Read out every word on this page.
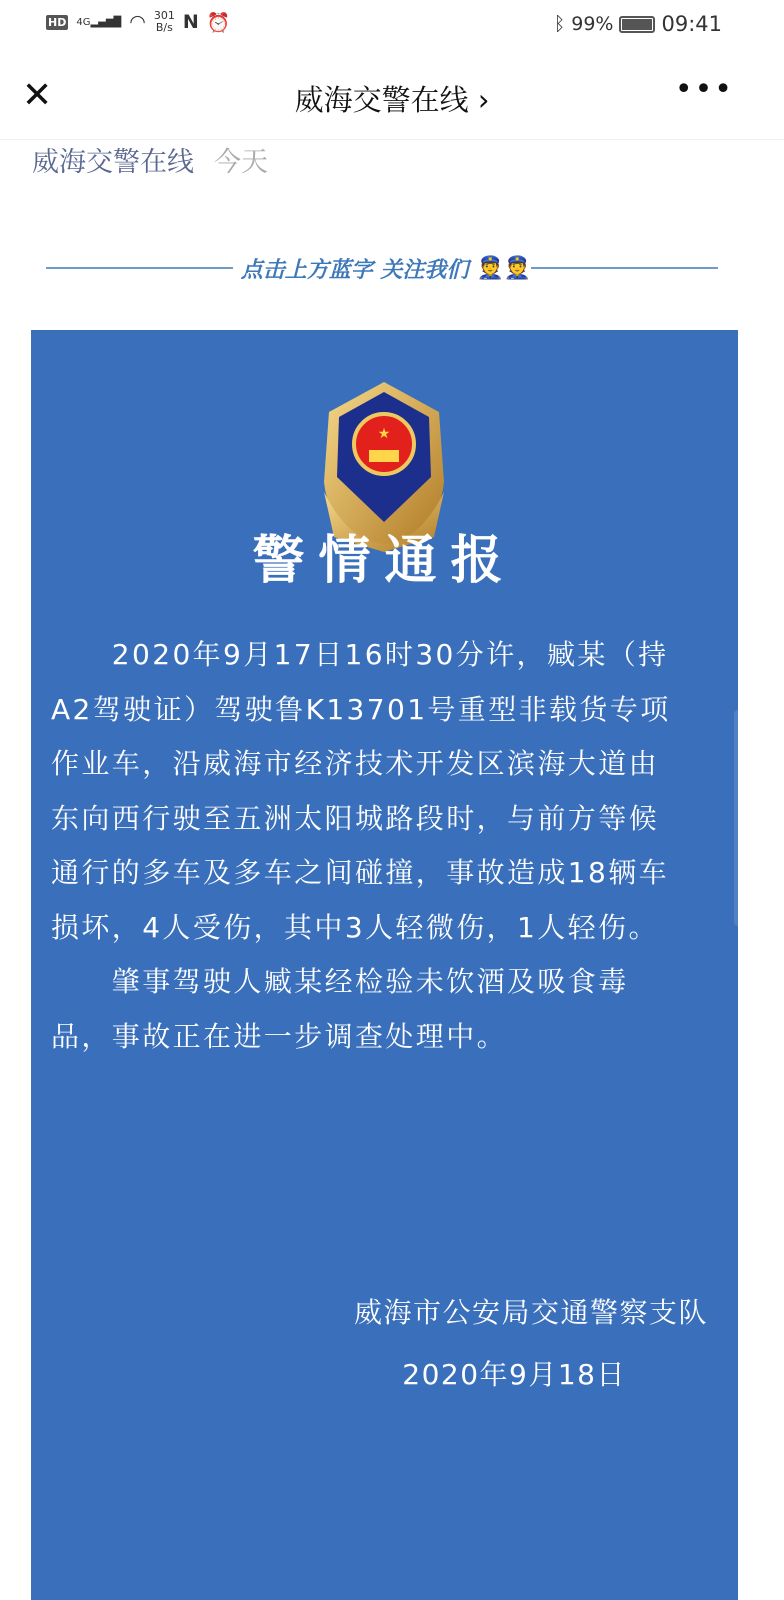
HD 4G▂▄▆█ ◠ 301
B/s N ⏰	ᛒ 99% 09:41
✕	威海交警在线 ›	•••
威海交警在线 今天
点击上方蓝字 关注我们 👮👮
★
警情通报
　　2020年9月17日16时30分许，臧某（持
A2驾驶证）驾驶鲁K13701号重型非载货专项
作业车，沿威海市经济技术开发区滨海大道由
东向西行驶至五洲太阳城路段时，与前方等候
通行的多车及多车之间碰撞，事故造成18辆车
损坏，4人受伤，其中3人轻微伤，1人轻伤。
　　肇事驾驶人臧某经检验未饮酒及吸食毒
品，事故正在进一步调查处理中。
威海市公安局交通警察支队
2020年9月18日
